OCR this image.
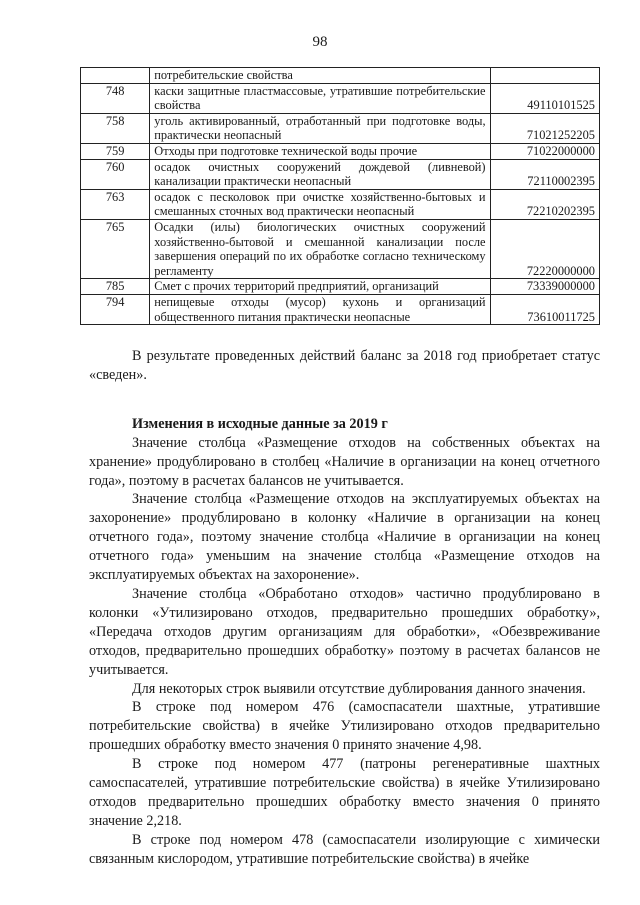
98
	потребительские свойства	
748	каски защитные пластмассовые, утратившие потребительские свойства	49110101525
758	уголь активированный, отработанный при подготовке воды, практически неопасный	71021252205
759	Отходы при подготовке технической воды прочие	71022000000
760	осадок очистных сооружений дождевой (ливневой) канализации практически неопасный	72110002395
763	осадок с песколовок при очистке хозяйственно-бытовых и смешанных сточных вод практически неопасный	72210202395
765	Осадки (илы) биологических очистных сооружений хозяйственно-бытовой и смешанной канализации после завершения операций по их обработке согласно техническому регламенту	72220000000
785	Смет с прочих территорий предприятий, организаций	73339000000
794	непищевые отходы (мусор) кухонь и организаций общественного питания практически неопасные	73610011725

В результате проведенных действий баланс за 2018 год приобретает статус «сведен».

Изменения в исходные данные за 2019 г

Значение столбца «Размещение отходов на собственных объектах на хранение» продублировано в столбец «Наличие в организации на конец отчетного года», поэтому в расчетах балансов не учитывается.

Значение столбца «Размещение отходов на эксплуатируемых объектах на захоронение» продублировано в колонку «Наличие в организации на конец отчетного года», поэтому значение столбца «Наличие в организации на конец отчетного года» уменьшим на значение столбца «Размещение отходов на эксплуатируемых объектах на захоронение».

Значение столбца «Обработано отходов» частично продублировано в колонки «Утилизировано отходов, предварительно прошедших обработку», «Передача отходов другим организациям для обработки», «Обезвреживание отходов, предварительно прошедших обработку» поэтому в расчетах балансов не учитывается.

Для некоторых строк выявили отсутствие дублирования данного значения.

В строке под номером 476 (самоспасатели шахтные, утратившие потребительские свойства) в ячейке Утилизировано отходов предварительно прошедших обработку вместо значения 0 принято значение 4,98.

В строке под номером 477 (патроны регенеративные шахтных самоспасателей, утратившие потребительские свойства) в ячейке Утилизировано отходов предварительно прошедших обработку вместо значения 0 принято значение 2,218.

В строке под номером 478 (самоспасатели изолирующие с химически связанным кислородом, утратившие потребительские свойства) в ячейке
